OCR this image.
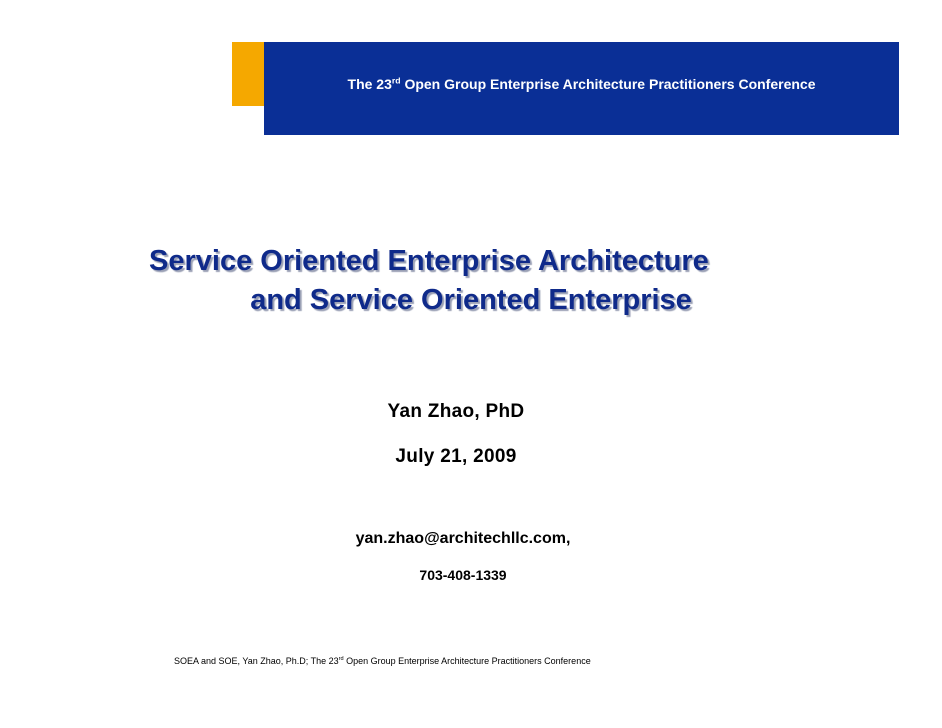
The 23rd Open Group Enterprise Architecture Practitioners Conference
Service Oriented Enterprise Architecture
and Service Oriented Enterprise
Yan Zhao, PhD
July 21, 2009
yan.zhao@architechllc.com,
703-408-1339
SOEA and SOE, Yan Zhao, Ph.D; The 23rd Open Group Enterprise Architecture Practitioners Conference
